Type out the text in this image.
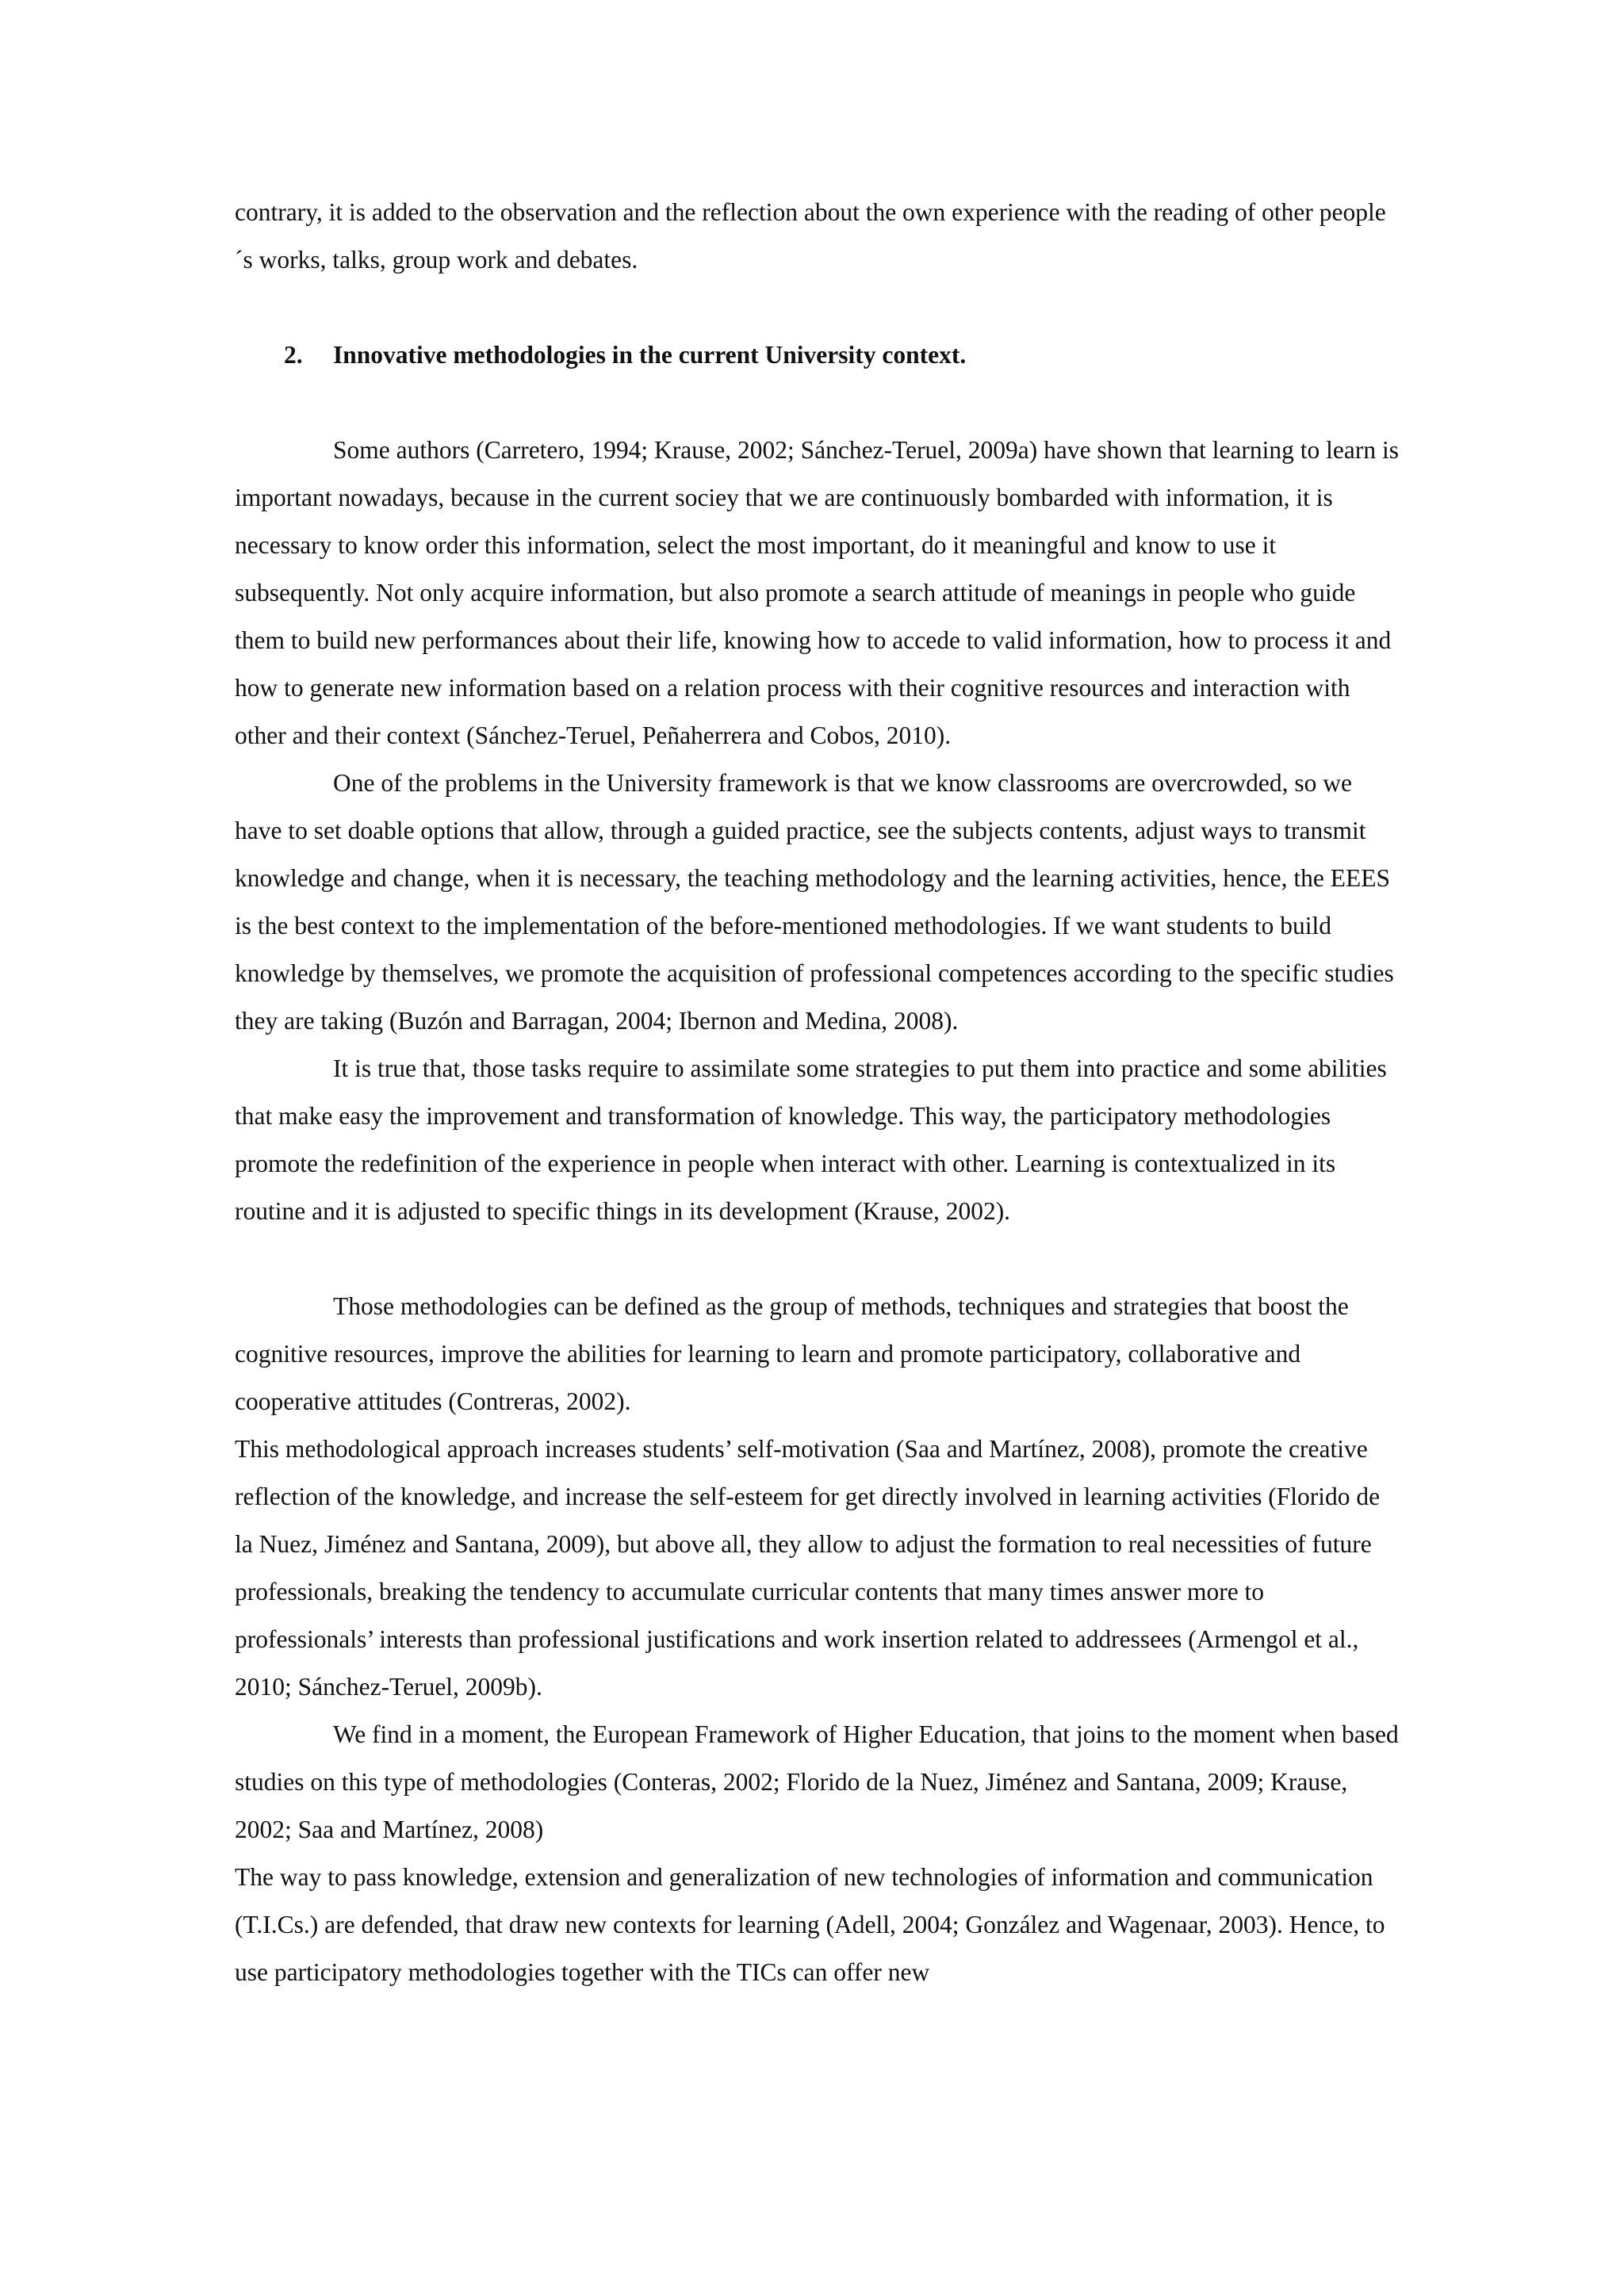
contrary, it is added to the observation and the reflection about the own experience with the reading of other people´s works, talks, group work and debates.

2. Innovative methodologies in the current University context.

Some authors (Carretero, 1994; Krause, 2002; Sánchez-Teruel, 2009a) have shown that learning to learn is important nowadays, because in the current sociey that we are continuously bombarded with information, it is necessary to know order this information, select the most important, do it meaningful and know to use it subsequently. Not only acquire information, but also promote a search attitude of meanings in people who guide them to build new performances about their life, knowing how to accede to valid information, how to process it and how to generate new information based on a relation process with their cognitive resources and interaction with other and their context (Sánchez-Teruel, Peñaherrera and Cobos, 2010).

One of the problems in the University framework is that we know classrooms are overcrowded, so we have to set doable options that allow, through a guided practice, see the subjects contents, adjust ways to transmit knowledge and change, when it is necessary, the teaching methodology and the learning activities, hence, the EEES is the best context to the implementation of the before-mentioned methodologies. If we want students to build knowledge by themselves, we promote the acquisition of professional competences according to the specific studies they are taking (Buzón and Barragan, 2004; Ibernon and Medina, 2008).

It is true that, those tasks require to assimilate some strategies to put them into practice and some abilities that make easy the improvement and transformation of knowledge. This way, the participatory methodologies promote the redefinition of the experience in people when interact with other. Learning is contextualized in its routine and it is adjusted to specific things in its development (Krause, 2002).

Those methodologies can be defined as the group of methods, techniques and strategies that boost the cognitive resources, improve the abilities for learning to learn and promote participatory, collaborative and cooperative attitudes (Contreras, 2002).

This methodological approach increases students’ self-motivation (Saa and Martínez, 2008), promote the creative reflection of the knowledge, and increase the self-esteem for get directly involved in learning activities (Florido de la Nuez, Jiménez and Santana, 2009), but above all, they allow to adjust the formation to real necessities of future professionals, breaking the tendency to accumulate curricular contents that many times answer more to professionals’ interests than professional justifications and work insertion related to addressees (Armengol et al., 2010; Sánchez-Teruel, 2009b).

We find in a moment, the European Framework of Higher Education, that joins to the moment when based studies on this type of methodologies (Conteras, 2002; Florido de la Nuez, Jiménez and Santana, 2009; Krause, 2002; Saa and Martínez, 2008)

The way to pass knowledge, extension and generalization of new technologies of information and communication (T.I.Cs.) are defended, that draw new contexts for learning (Adell, 2004; González and Wagenaar, 2003). Hence, to use participatory methodologies together with the TICs can offer new
